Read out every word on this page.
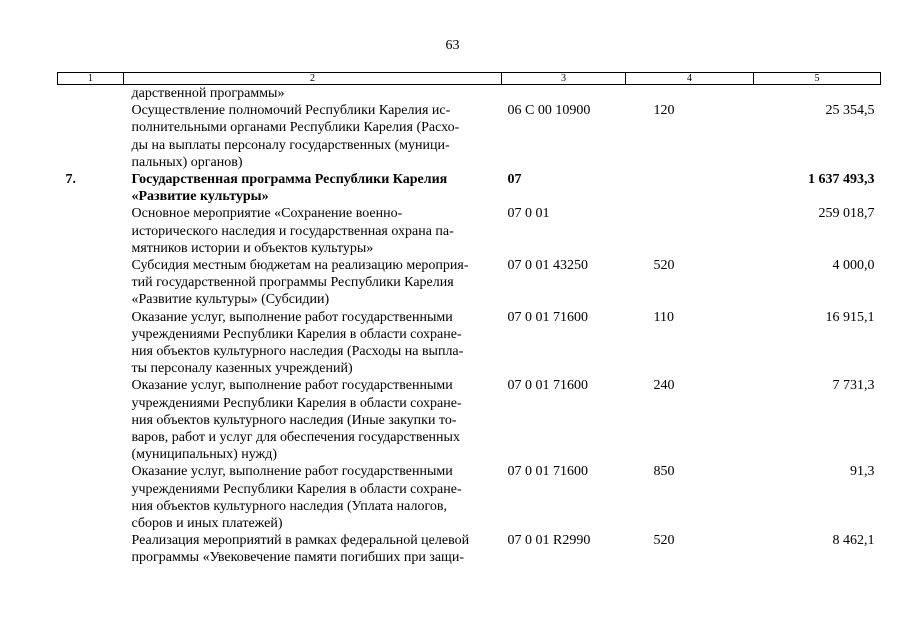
63
1	2	3	4	5

	дарственной программы»			

	Осуществление полномочий Республики Карелия ис-
полнительными органами Республики Карелия (Расхо-
ды на выплаты персоналу государственных (муници-
пальных) органов)	06 С 00 10900	120	25 354,5
7.	Государственная программа Республики Карелия
«Развитие культуры»	07		1 637 493,3

	Основное мероприятие «Сохранение военно-
исторического наследия и государственная охрана па-
мятников истории и объектов культуры»	07 0 01		259 018,7

	Субсидия местным бюджетам на реализацию мероприя-
тий государственной программы Республики Карелия
«Развитие культуры» (Субсидии)	07 0 01 43250	520	4 000,0

	Оказание услуг, выполнение работ государственными
учреждениями Республики Карелия в области сохране-
ния объектов культурного наследия (Расходы на выпла-
ты персоналу казенных учреждений)	07 0 01 71600	110	16 915,1

	Оказание услуг, выполнение работ государственными
учреждениями Республики Карелия в области сохране-
ния объектов культурного наследия (Иные закупки то-
варов, работ и услуг для обеспечения государственных
(муниципальных) нужд)	07 0 01 71600	240	7 731,3

	Оказание услуг, выполнение работ государственными
учреждениями Республики Карелия в области сохране-
ния объектов культурного наследия (Уплата налогов,
сборов и иных платежей)	07 0 01 71600	850	91,3

	Реализация мероприятий в рамках федеральной целевой
программы «Увековечение памяти погибших при защи-	07 0 01 R2990	520	8 462,1
